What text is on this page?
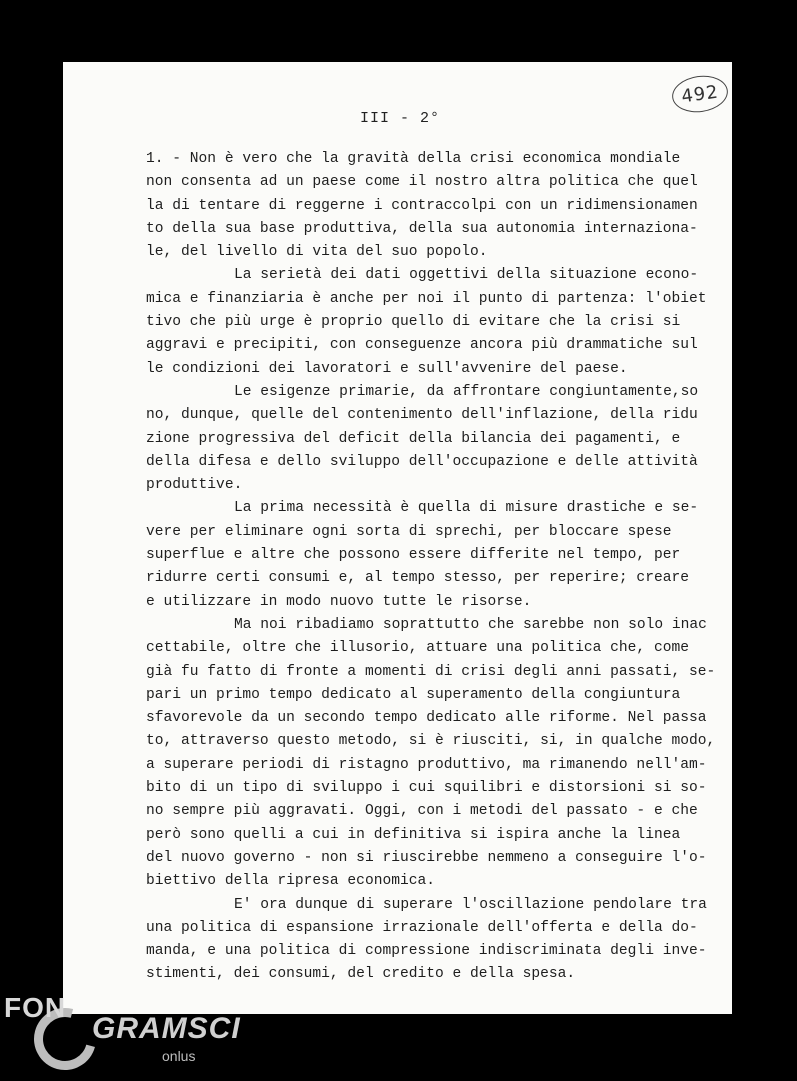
492
III - 2°
1. - Non è vero che la gravità della crisi economica mondiale
non consenta ad un paese come il nostro altra politica che quel
la di tentare di reggerne i contraccolpi con un ridimensionamen
to della sua base produttiva, della sua autonomia internaziona-
le, del livello di vita del suo popolo.
La serietà dei dati oggettivi della situazione econo-
mica e finanziaria è anche per noi il punto di partenza: l'obiet
tivo che più urge è proprio quello di evitare che la crisi si
aggravi e precipiti, con conseguenze ancora più drammatiche sul
le condizioni dei lavoratori e sull'avvenire del paese.
Le esigenze primarie, da affrontare congiuntamente,so
no, dunque, quelle del contenimento dell'inflazione, della ridu
zione progressiva del deficit della bilancia dei pagamenti, e
della difesa e dello sviluppo dell'occupazione e delle attività
produttive.
La prima necessità è quella di misure drastiche e se-
vere per eliminare ogni sorta di sprechi, per bloccare spese
superflue e altre che possono essere differite nel tempo, per
ridurre certi consumi e, al tempo stesso, per reperire; creare
e utilizzare in modo nuovo tutte le risorse.
Ma noi ribadiamo soprattutto che sarebbe non solo inac
cettabile, oltre che illusorio, attuare una politica che, come
già fu fatto di fronte a momenti di crisi degli anni passati, se-
pari un primo tempo dedicato al superamento della congiuntura
sfavorevole da un secondo tempo dedicato alle riforme. Nel passa
to, attraverso questo metodo, si è riusciti, si, in qualche modo,
a superare periodi di ristagno produttivo, ma rimanendo nell'am-
bito di un tipo di sviluppo i cui squilibri e distorsioni si so-
no sempre più aggravati. Oggi, con i metodi del passato - e che
però sono quelli a cui in definitiva si ispira anche la linea
del nuovo governo - non si riuscirebbe nemmeno a conseguire l'o-
biettivo della ripresa economica.
E' ora dunque di superare l'oscillazione pendolare tra
una politica di espansione irrazionale dell'offerta e della do-
manda, e una politica di compressione indiscriminata degli inve-
stimenti, dei consumi, del credito e della spesa.
FON
GRAMSCI
onlus
